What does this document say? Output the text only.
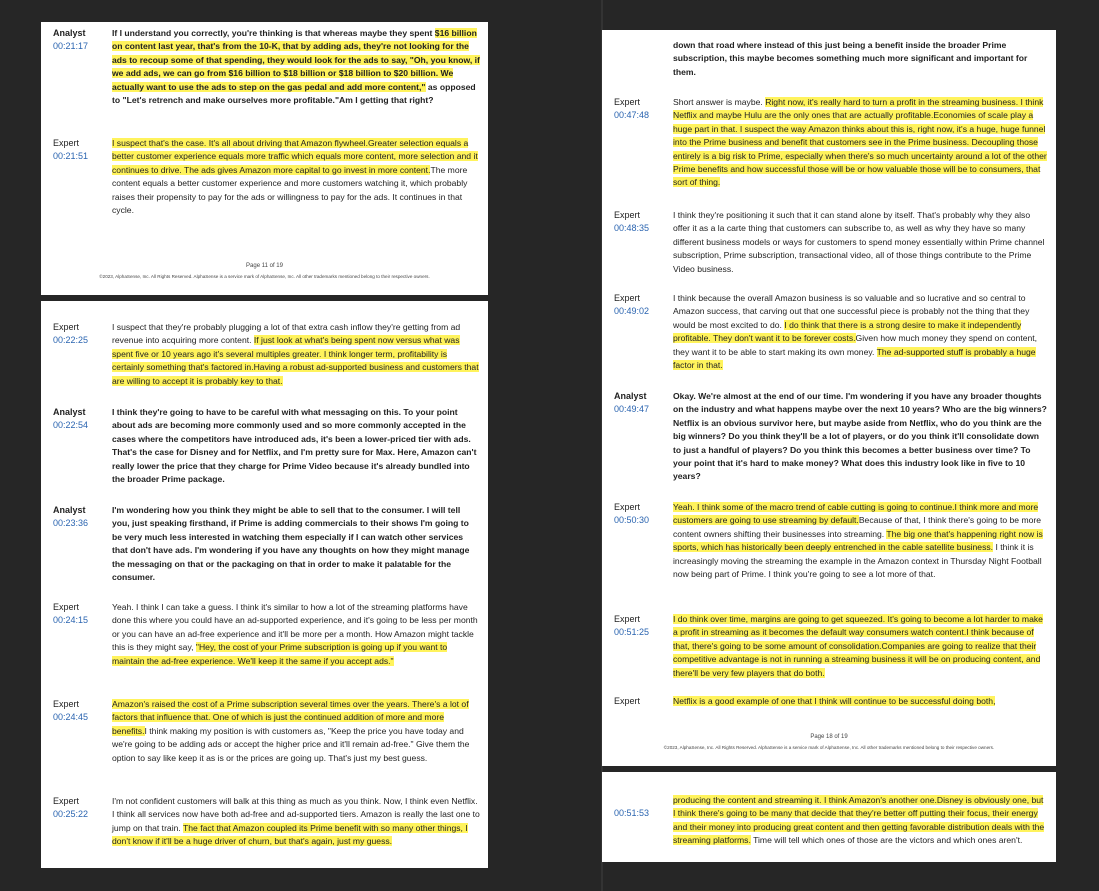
Analyst
00:21:17
If I understand you correctly, you're thinking is that whereas maybe they spent $16 billion on content last year, that's from the 10-K, that by adding ads, they're not looking for the ads to recoup some of that spending, they would look for the ads to say, "Oh, you know, if we add ads, we can go from $16 billion to $18 billion or $18 billion to $20 billion. We actually want to use the ads to step on the gas pedal and add more content," as opposed to "Let's retrench and make ourselves more profitable."Am I getting that right?
Expert
00:21:51
I suspect that's the case. It's all about driving that Amazon flywheel.Greater selection equals a better customer experience equals more traffic which equals more content, more selection and it continues to drive. The ads gives Amazon more capital to go invest in more content.The more content equals a better customer experience and more customers watching it, which probably raises their propensity to pay for the ads or willingness to pay for the ads. It continues in that cycle.
Page 11 of 19
©2023, AlphaSense, Inc. All Rights Reserved. AlphaSense is a service mark of AlphaSense, Inc. All other trademarks mentioned belong to their respective owners.
Expert
00:22:25
I suspect that they're probably plugging a lot of that extra cash inflow they're getting from ad revenue into acquiring more content. If just look at what's being spent now versus what was spent five or 10 years ago it's several multiples greater. I think longer term, profitability is certainly something that's factored in.Having a robust ad-supported business and customers that are willing to accept it is probably key to that.
Analyst
00:22:54
I think they're going to have to be careful with what messaging on this. To your point about ads are becoming more commonly used and so more commonly accepted in the cases where the competitors have introduced ads, it's been a lower-priced tier with ads. That's the case for Disney and for Netflix, and I'm pretty sure for Max. Here, Amazon can't really lower the price that they charge for Prime Video because it's already bundled into the broader Prime package.
Analyst
00:23:36
I'm wondering how you think they might be able to sell that to the consumer. I will tell you, just speaking firsthand, if Prime is adding commercials to their shows I'm going to be very much less interested in watching them especially if I can watch other services that don't have ads. I'm wondering if you have any thoughts on how they might manage the messaging on that or the packaging on that in order to make it palatable for the consumer.
Expert
00:24:15
Yeah. I think I can take a guess. I think it's similar to how a lot of the streaming platforms have done this where you could have an ad-supported experience, and it's going to be less per month or you can have an ad-free experience and it'll be more per a month. How Amazon might tackle this is they might say, "Hey, the cost of your Prime subscription is going up if you want to maintain the ad-free experience. We'll keep it the same if you accept ads."
Expert
00:24:45
Amazon's raised the cost of a Prime subscription several times over the years. There's a lot of factors that influence that. One of which is just the continued addition of more and more benefits.I think making my position is with customers as, "Keep the price you have today and we're going to be adding ads or accept the higher price and it'll remain ad-free." Give them the option to say like keep it as is or the prices are going up. That's just my best guess.
Expert
00:25:22
I'm not confident customers will balk at this thing as much as you think. Now, I think even Netflix. I think all services now have both ad-free and ad-supported tiers. Amazon is really the last one to jump on that train. The fact that Amazon coupled its Prime benefit with so many other things, I don't know if it'll be a huge driver of churn, but that's again, just my guess.

down that road where instead of this just being a benefit inside the broader Prime subscription, this maybe becomes something much more significant and important for them.
Expert
00:47:48
Short answer is maybe. Right now, it's really hard to turn a profit in the streaming business. I think Netflix and maybe Hulu are the only ones that are actually profitable.Economies of scale play a huge part in that. I suspect the way Amazon thinks about this is, right now, it's a huge, huge funnel into the Prime business and benefit that customers see in the Prime business. Decoupling those entirely is a big risk to Prime, especially when there's so much uncertainty around a lot of the other Prime benefits and how successful those will be or how valuable those will be to consumers, that sort of thing.
Expert
00:48:35
I think they're positioning it such that it can stand alone by itself. That's probably why they also offer it as a la carte thing that customers can subscribe to, as well as why they have so many different business models or ways for customers to spend money essentially within Prime channel subscription, Prime subscription, transactional video, all of those things contribute to the Prime Video business.
Expert
00:49:02
I think because the overall Amazon business is so valuable and so lucrative and so central to Amazon success, that carving out that one successful piece is probably not the thing that they would be most excited to do. I do think that there is a strong desire to make it independently profitable. They don't want it to be forever costs.Given how much money they spend on content, they want it to be able to start making its own money. The ad-supported stuff is probably a huge factor in that.
Analyst
00:49:47
Okay. We're almost at the end of our time. I'm wondering if you have any broader thoughts on the industry and what happens maybe over the next 10 years? Who are the big winners? Netflix is an obvious survivor here, but maybe aside from Netflix, who do you think are the big winners? Do you think they'll be a lot of players, or do you think it'll consolidate down to just a handful of players? Do you think this becomes a better business over time? To your point that it's hard to make money? What does this industry look like in five to 10 years?
Expert
00:50:30
Yeah. I think some of the macro trend of cable cutting is going to continue.I think more and more customers are going to use streaming by default.Because of that, I think there's going to be more content owners shifting their businesses into streaming. The big one that's happening right now is sports, which has historically been deeply entrenched in the cable satellite business. I think it is increasingly moving the streaming the example in the Amazon context in Thursday Night Football now being part of Prime. I think you're going to see a lot more of that.
Expert
00:51:25
I do think over time, margins are going to get squeezed. It's going to become a lot harder to make a profit in streaming as it becomes the default way consumers watch content.I think because of that, there's going to be some amount of consolidation.Companies are going to realize that their competitive advantage is not in running a streaming business it will be on producing content, and there'll be very few players that do both.
Expert	Netflix is a good example of one that I think will continue to be successful doing both,
Page 18 of 19
©2023, AlphaSense, Inc. All Rights Reserved. AlphaSense is a service mark of AlphaSense, Inc. All other trademarks mentioned belong to their respective owners.

00:51:53
producing the content and streaming it. I think Amazon's another one.Disney is obviously one, but I think there's going to be many that decide that they're better off putting their focus, their energy and their money into producing great content and then getting favorable distribution deals with the streaming platforms. Time will tell which ones of those are the victors and which ones aren't.
